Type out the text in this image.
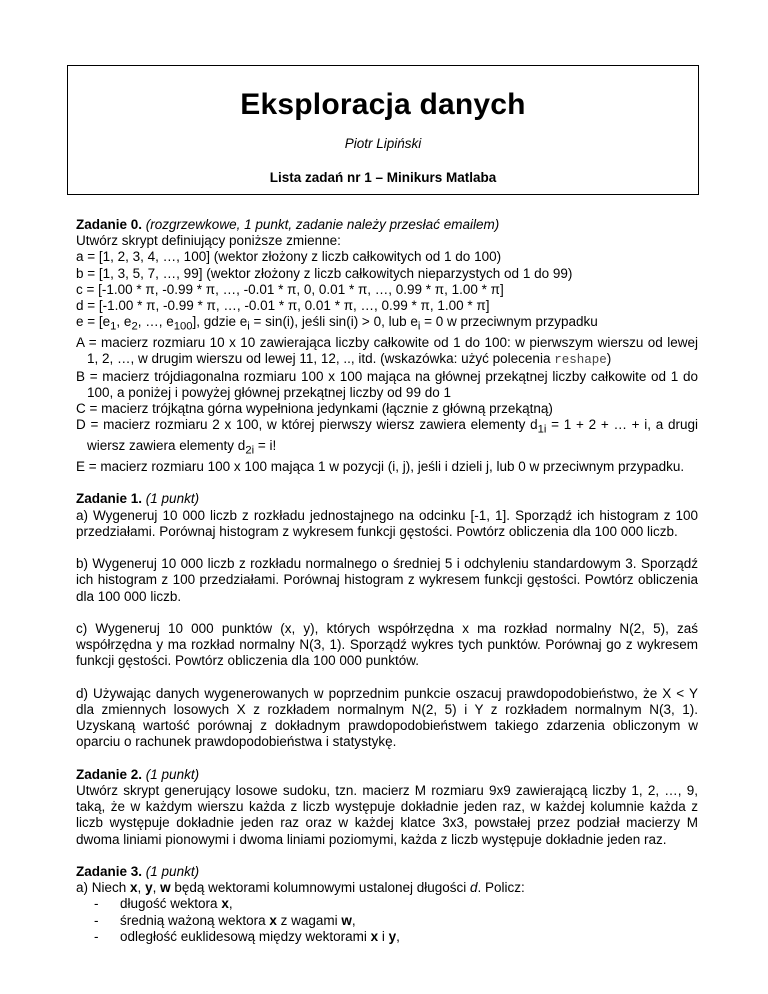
Eksploracja danych
Piotr Lipiński
Lista zadań nr 1 – Minikurs Matlaba

Zadanie 0. (rozgrzewkowe, 1 punkt, zadanie należy przesłać emailem)

Utwórz skrypt definiujący poniższe zmienne:

a = [1, 2, 3, 4, …, 100] (wektor złożony z liczb całkowitych od 1 do 100)

b = [1, 3, 5, 7, …, 99] (wektor złożony z liczb całkowitych nieparzystych od 1 do 99)

c = [-1.00 * π, -0.99 * π, …, -0.01 * π, 0, 0.01 * π, …, 0.99 * π, 1.00 * π]

d = [-1.00 * π, -0.99 * π, …, -0.01 * π, 0.01 * π, …, 0.99 * π, 1.00 * π]

$e = [e_1$, $e_2$, …, $e_{100}$], gdzie $e_i = \sin(i)$, jeśli sin(i) > 0, lub $e_i = 0$ w przeciwnym przypadku

A = macierz rozmiaru 10 x 10 zawierająca liczby całkowite od 1 do 100: w pierwszym wierszu od lewej 1, 2, …, w drugim wierszu od lewej 11, 12, .., itd. (wskazówka: użyć polecenia reshape)

B = macierz trójdiagonalna rozmiaru 100 x 100 mająca na głównej przekątnej liczby całkowite od 1 do 100, a poniżej i powyżej głównej przekątnej liczby od 99 do 1

C = macierz trójkątna górna wypełniona jedynkami (łącznie z główną przekątną)

D = macierz rozmiaru 2 x 100, w której pierwszy wiersz zawiera elementy $d_{1i} = 1 + 2$ + … + i, a drugi wiersz zawiera elementy $d_{2i} = i$!

E = macierz rozmiaru 100 x 100 mająca 1 w pozycji (i, j), jeśli i dzieli j, lub 0 w przeciwnym przypadku.

Zadanie 1. (1 punkt)

a) Wygeneruj 10 000 liczb z rozkładu jednostajnego na odcinku [-1, 1]. Sporządź ich histogram z 100 przedziałami. Porównaj histogram z wykresem funkcji gęstości. Powtórz obliczenia dla 100 000 liczb.

b) Wygeneruj 10 000 liczb z rozkładu normalnego o średniej 5 i odchyleniu standardowym 3. Sporządź ich histogram z 100 przedziałami. Porównaj histogram z wykresem funkcji gęstości. Powtórz obliczenia dla 100 000 liczb.

c) Wygeneruj 10 000 punktów (x, y), których współrzędna x ma rozkład normalny N(2, 5), zaś współrzędna y ma rozkład normalny N(3, 1). Sporządź wykres tych punktów. Porównaj go z wykresem funkcji gęstości. Powtórz obliczenia dla 100 000 punktów.

d) Używając danych wygenerowanych w poprzednim punkcie oszacuj prawdopodobieństwo, że X < Y dla zmiennych losowych X z rozkładem normalnym N(2, 5) i Y z rozkładem normalnym N(3, 1). Uzyskaną wartość porównaj z dokładnym prawdopodobieństwem takiego zdarzenia obliczonym w oparciu o rachunek prawdopodobieństwa i statystykę.

Zadanie 2. (1 punkt)

Utwórz skrypt generujący losowe sudoku, tzn. macierz M rozmiaru 9x9 zawierającą liczby 1, 2, …, 9, taką, że w każdym wierszu każda z liczb występuje dokładnie jeden raz, w każdej kolumnie każda z liczb występuje dokładnie jeden raz oraz w każdej klatce 3x3, powstałej przez podział macierzy M dwoma liniami pionowymi i dwoma liniami poziomymi, każda z liczb występuje dokładnie jeden raz.

Zadanie 3. (1 punkt)

a) Niech x, y, w będą wektorami kolumnowymi ustalonej długości d. Policz:

- długość wektora x,

- średnią ważoną wektora x z wagami w,

- odległość euklidesową między wektorami x i y,
